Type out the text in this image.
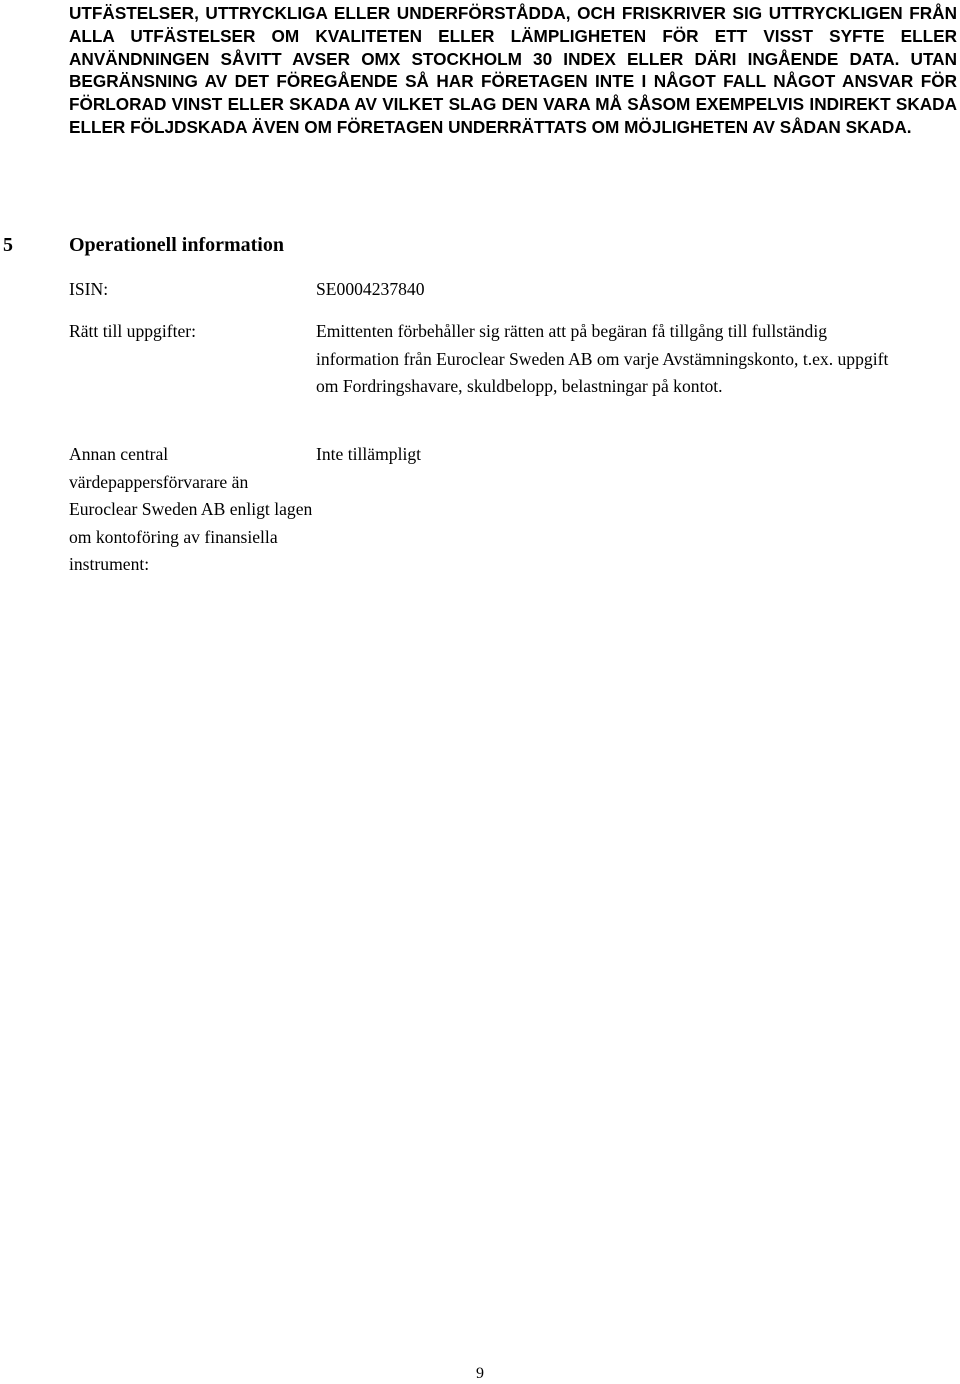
UTFÄSTELSER, UTTRYCKLIGA ELLER UNDERFÖRSTÅDDA, OCH FRISKRIVER SIG UTTRYCKLIGEN FRÅN ALLA UTFÄSTELSER OM KVALITETEN ELLER LÄMPLIGHETEN FÖR ETT VISST SYFTE ELLER ANVÄNDNINGEN SÅVITT AVSER OMX STOCKHOLM 30 INDEX ELLER DÄRI INGÅENDE DATA. UTAN BEGRÄNSNING AV DET FÖREGÅENDE SÅ HAR FÖRETAGEN INTE I NÅGOT FALL NÅGOT ANSVAR FÖR FÖRLORAD VINST ELLER SKADA AV VILKET SLAG DEN VARA MÅ SÅSOM EXEMPELVIS INDIREKT SKADA ELLER FÖLJDSKADA ÄVEN OM FÖRETAGEN UNDERRÄTTATS OM MÖJLIGHETEN AV SÅDAN SKADA.

5	Operationell information
ISIN:	SE0004237840
Rätt till uppgifter:	Emittenten förbehåller sig rätten att på begäran få tillgång till fullständig information från Euroclear Sweden AB om varje Avstämningskonto, t.ex. uppgift om Fordringshavare, skuldbelopp, belastningar på kontot.
Annan central värdepappersförvarare än Euroclear Sweden AB enligt lagen om kontoföring av finansiella instrument:
Inte tillämpligt
9
